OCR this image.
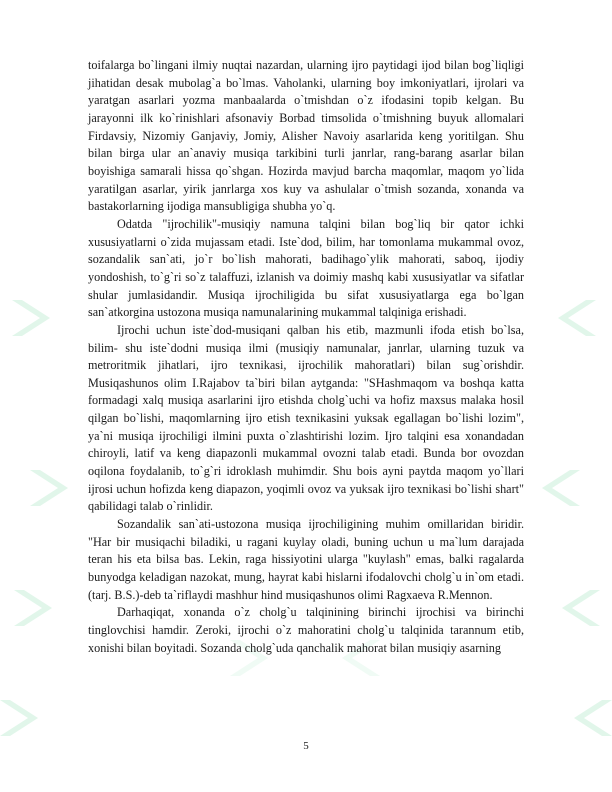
toifalarga bo`lingani ilmiy nuqtai nazardan, ularning ijro paytidagi ijod bilan bog`liqligi jihatidan desak mubolag`a bo`lmas. Vaholanki, ularning boy imkoniyatlari, ijrolari va yaratgan asarlari yozma manbaalarda o`tmishdan o`z ifodasini topib kelgan. Bu jarayonni ilk ko`rinishlari afsonaviy Borbad timsolida o`tmishning buyuk allomalari Firdavsiy, Nizomiy Ganjaviy, Jomiy, Alisher Navoiy asarlarida keng yoritilgan. Shu bilan birga ular an`anaviy musiqa tarkibini turli janrlar, rang-barang asarlar bilan boyishiga samarali hissa qo`shgan. Hozirda mavjud barcha maqomlar, maqom yo`lida yaratilgan asarlar, yirik janrlarga xos kuy va ashulalar o`tmish sozanda, xonanda va bastakorlarning ijodiga mansubligiga shubha yo`q.

Odatda "ijrochilik"-musiqiy namuna talqini bilan bog`liq bir qator ichki xususiyatlarni o`zida mujassam etadi. Iste`dod, bilim, har tomonlama mukammal ovoz, sozandalik san`ati, jo`r bo`lish mahorati, badihago`ylik mahorati, saboq, ijodiy yondoshish, to`g`ri so`z talaffuzi, izlanish va doimiy mashq kabi xususiyatlar va sifatlar shular jumlasidandir. Musiqa ijrochiligida bu sifat xususiyatlarga ega bo`lgan san`atkorgina ustozona musiqa namunalarining mukammal talqiniga erishadi.

Ijrochi uchun iste`dod-musiqani qalban his etib, mazmunli ifoda etish bo`lsa, bilim- shu iste`dodni musiqa ilmi (musiqiy namunalar, janrlar, ularning tuzuk va metroritmik jihatlari, ijro texnikasi, ijrochilik mahoratlari) bilan sug`orishdir. Musiqashunos olim I.Rajabov ta`biri bilan aytganda: "SHashmaqom va boshqa katta formadagi xalq musiqa asarlarini ijro etishda cholg`uchi va hofiz maxsus malaka hosil qilgan bo`lishi, maqomlarning ijro etish texnikasini yuksak egallagan bo`lishi lozim", ya`ni musiqa ijrochiligi ilmini puxta o`zlashtirishi lozim. Ijro talqini esa xonandadan chiroyli, latif va keng diapazonli mukammal ovozni talab etadi. Bunda bor ovozdan oqilona foydalanib, to`g`ri idroklash muhimdir. Shu bois ayni paytda maqom yo`llari ijrosi uchun hofizda keng diapazon, yoqimli ovoz va yuksak ijro texnikasi bo`lishi shart" qabilidagi talab o`rinlidir.

Sozandalik san`ati-ustozona musiqa ijrochiligining muhim omillaridan biridir. "Har bir musiqachi biladiki, u ragani kuylay oladi, buning uchun u ma`lum darajada teran his eta bilsa bas. Lekin, raga hissiyotini ularga "kuylash" emas, balki ragalarda bunyodga keladigan nazokat, mung, hayrat kabi hislarni ifodalovchi cholg`u in`om etadi. (tarj. B.S.)-deb ta`riflaydi mashhur hind musiqashunos olimi Ragxaeva R.Mennon.

Darhaqiqat, xonanda o`z cholg`u talqinining birinchi ijrochisi va birinchi tinglovchisi hamdir. Zeroki, ijrochi o`z mahoratini cholg`u talqinida tarannum etib, xonishi bilan boyitadi. Sozanda cholg`uda qanchalik mahorat bilan musiqiy asarning

5
